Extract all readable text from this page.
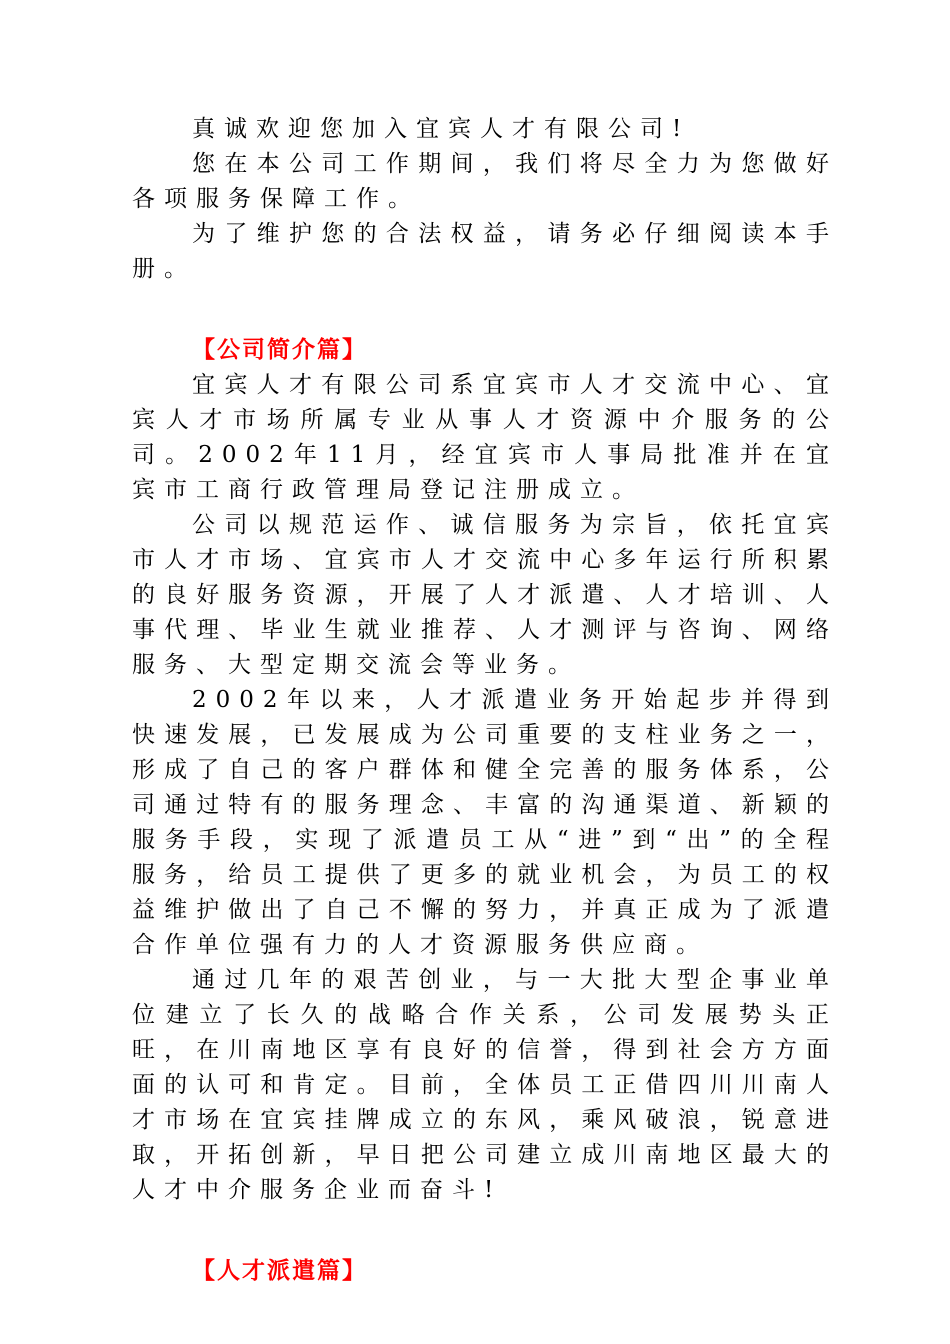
真诚欢迎您加入宜宾人才有限公司!

您在本公司工作期间，我们将尽全力为您做好各项服务保障工作。

为了维护您的合法权益，请务必仔细阅读本手册。

【公司简介篇】

宜宾人才有限公司系宜宾市人才交流中心、宜宾人才市场所属专业从事人才资源中介服务的公司。2002年11月，经宜宾市人事局批准并在宜宾市工商行政管理局登记注册成立。

公司以规范运作、诚信服务为宗旨，依托宜宾市人才市场、宜宾市人才交流中心多年运行所积累的良好服务资源，开展了人才派遣、人才培训、人事代理、毕业生就业推荐、人才测评与咨询、网络服务、大型定期交流会等业务。

2002年以来，人才派遣业务开始起步并得到快速发展，已发展成为公司重要的支柱业务之一，形成了自己的客户群体和健全完善的服务体系，公司通过特有的服务理念、丰富的沟通渠道、新颖的服务手段，实现了派遣员工从“进”到“出”的全程服务，给员工提供了更多的就业机会，为员工的权益维护做出了自己不懈的努力，并真正成为了派遣合作单位强有力的人才资源服务供应商。

通过几年的艰苦创业，与一大批大型企事业单位建立了长久的战略合作关系，公司发展势头正旺，在川南地区享有良好的信誉，得到社会方方面面的认可和肯定。目前，全体员工正借四川川南人才市场在宜宾挂牌成立的东风，乘风破浪，锐意进取，开拓创新，早日把公司建立成川南地区最大的人才中介服务企业而奋斗!

【人才派遣篇】
